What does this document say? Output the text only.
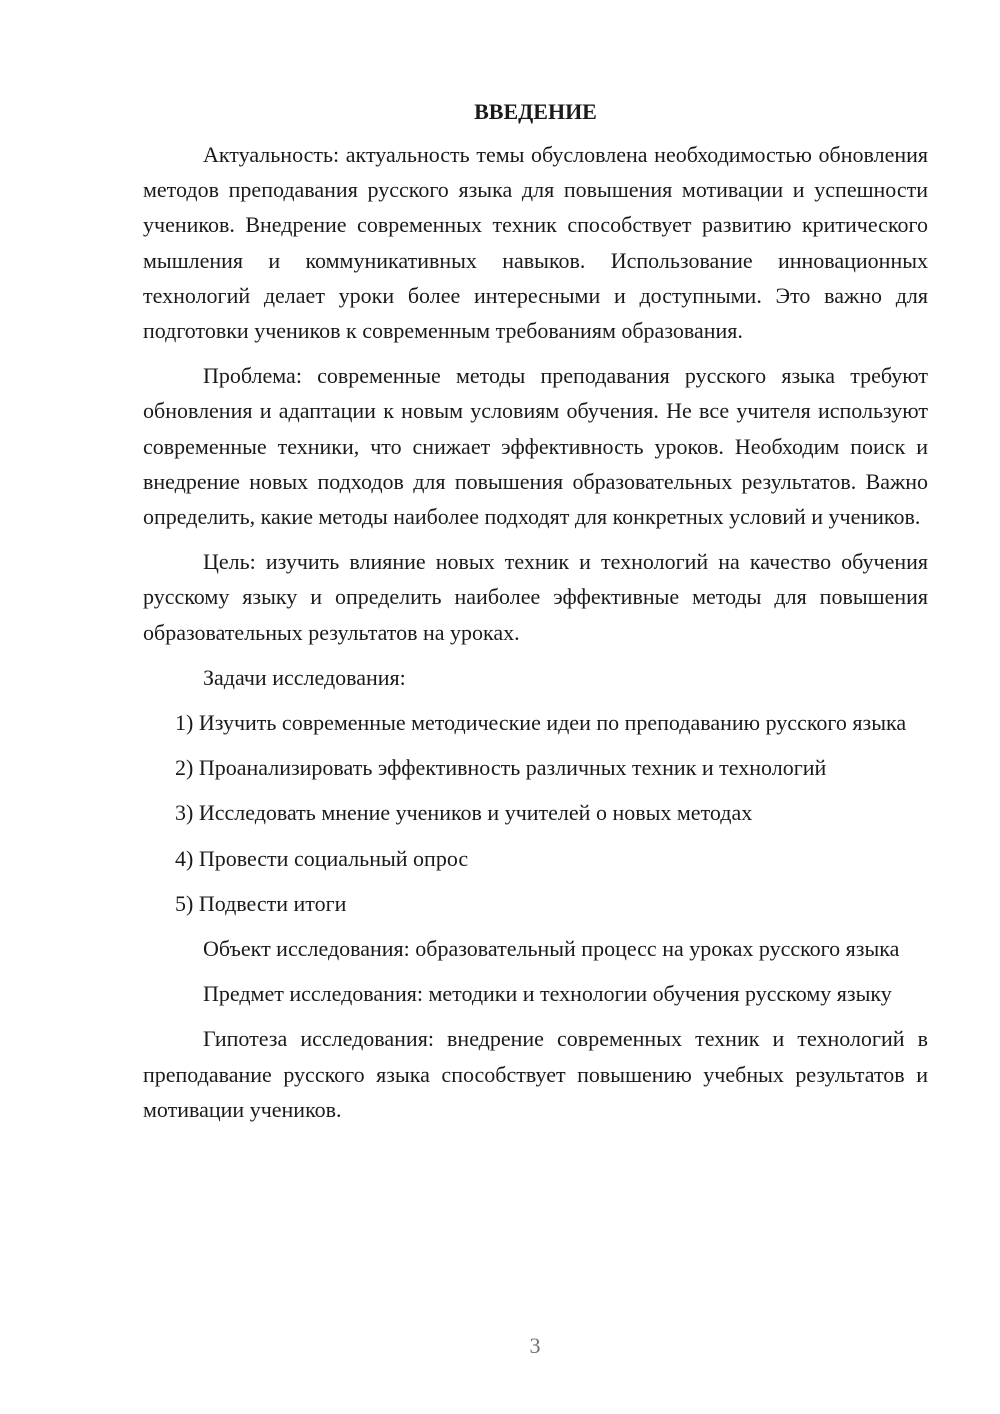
ВВЕДЕНИЕ

Актуальность: актуальность темы обусловлена необходимостью обновления методов преподавания русского языка для повышения мотивации и успешности учеников. Внедрение современных техник способствует развитию критического мышления и коммуникативных навыков. Использование инновационных технологий делает уроки более интересными и доступными. Это важно для подготовки учеников к современным требованиям образования.

Проблема: современные методы преподавания русского языка требуют обновления и адаптации к новым условиям обучения. Не все учителя используют современные техники, что снижает эффективность уроков. Необходим поиск и внедрение новых подходов для повышения образовательных результатов. Важно определить, какие методы наиболее подходят для конкретных условий и учеников.

Цель: изучить влияние новых техник и технологий на качество обучения русскому языку и определить наиболее эффективные методы для повышения образовательных результатов на уроках.

Задачи исследования:

1) Изучить современные методические идеи по преподаванию русского языка

2) Проанализировать эффективность различных техник и технологий

3) Исследовать мнение учеников и учителей о новых методах

4) Провести социальный опрос

5) Подвести итоги

Объект исследования: образовательный процесс на уроках русского языка

Предмет исследования: методики и технологии обучения русскому языку

Гипотеза исследования: внедрение современных техник и технологий в преподавание русского языка способствует повышению учебных результатов и мотивации учеников.

3
